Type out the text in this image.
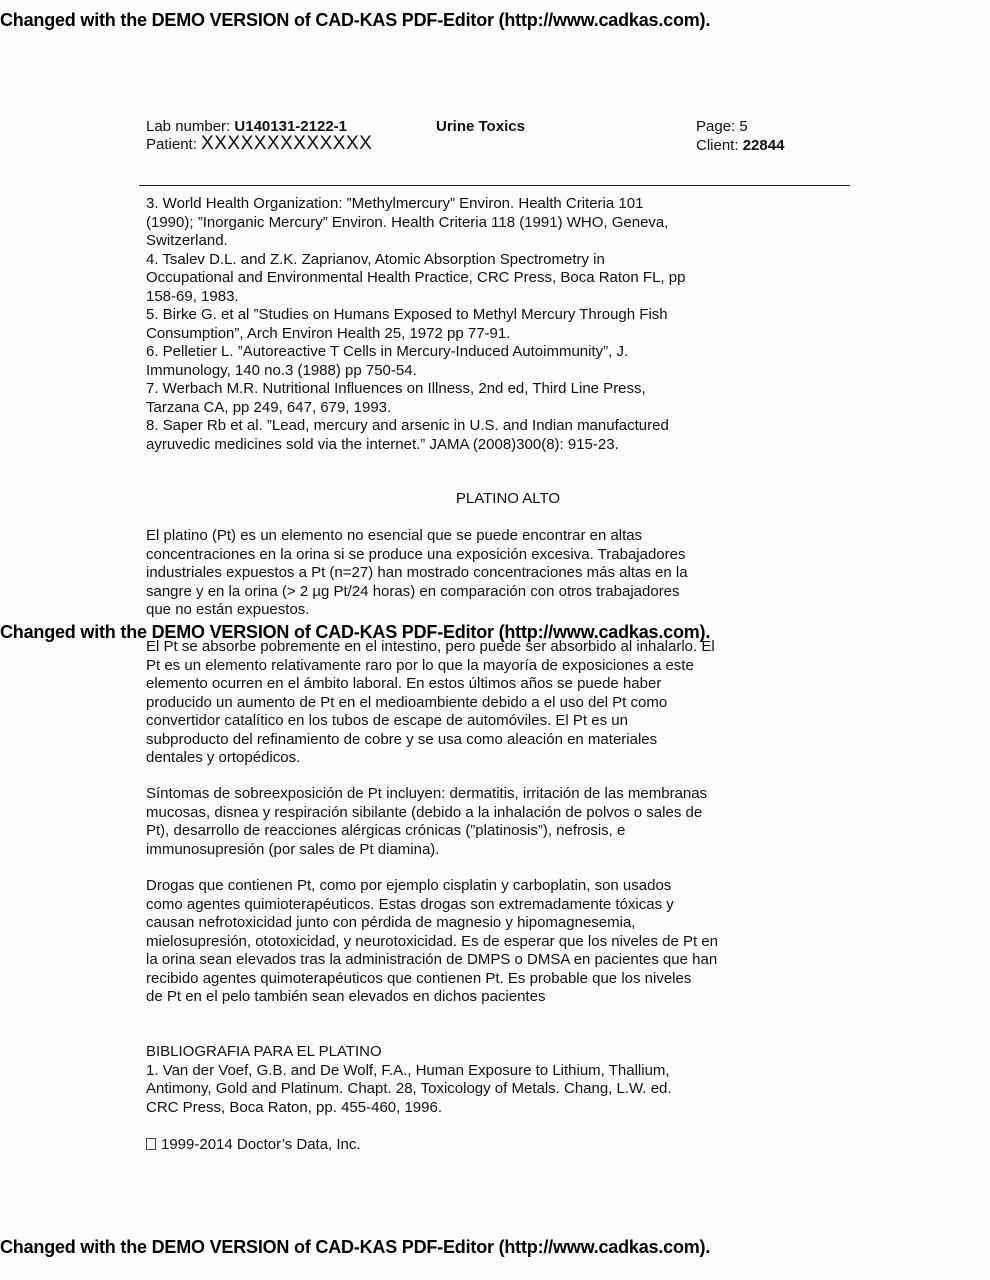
Changed with the DEMO VERSION of CAD-KAS PDF-Editor (http://www.cadkas.com).
Changed with the DEMO VERSION of CAD-KAS PDF-Editor (http://www.cadkas.com).
Changed with the DEMO VERSION of CAD-KAS PDF-Editor (http://www.cadkas.com).
Lab number: U140131-2122-1
Patient: XXXXXXXXXXXXX
Urine Toxics	Page: 5
Client: 22844
3. World Health Organization: ”Methylmercury” Environ. Health Criteria 101
(1990); ”Inorganic Mercury” Environ. Health Criteria 118 (1991) WHO, Geneva,
Switzerland.
4. Tsalev D.L. and Z.K. Zaprianov, Atomic Absorption Spectrometry in
Occupational and Environmental Health Practice, CRC Press, Boca Raton FL, pp
158-69, 1983.
5. Birke G. et al ”Studies on Humans Exposed to Methyl Mercury Through Fish
Consumption”, Arch Environ Health 25, 1972 pp 77-91.
6. Pelletier L. ”Autoreactive T Cells in Mercury-Induced Autoimmunity”, J.
Immunology, 140 no.3 (1988) pp 750-54.
7. Werbach M.R. Nutritional Influences on Illness, 2nd ed, Third Line Press,
Tarzana CA, pp 249, 647, 679, 1993.
8. Saper Rb et al. ”Lead, mercury and arsenic in U.S. and Indian manufactured
ayruvedic medicines sold via the internet.” JAMA (2008)300(8): 915-23.
PLATINO ALTO
El platino (Pt) es un elemento no esencial que se puede encontrar en altas
concentraciones en la orina si se produce una exposición excesiva. Trabajadores
industriales expuestos a Pt (n=27) han mostrado concentraciones más altas en la
sangre y en la orina (> 2 µg Pt/24 horas) en comparación con otros trabajadores
que no están expuestos.
El Pt se absorbe pobremente en el intestino, pero puede ser absorbido al inhalarlo. El
Pt es un elemento relativamente raro por lo que la mayoría de exposiciones a este
elemento ocurren en el ámbito laboral. En estos últimos años se puede haber
producido un aumento de Pt en el medioambiente debido a el uso del Pt como
convertidor catalítico en los tubos de escape de automóviles. El Pt es un
subproducto del refinamiento de cobre y se usa como aleación en materiales
dentales y ortopédicos.
Síntomas de sobreexposición de Pt incluyen: dermatitis, irritación de las membranas
mucosas, disnea y respiración sibilante (debido a la inhalación de polvos o sales de
Pt), desarrollo de reacciones alérgicas crónicas (”platinosis”), nefrosis, e
immunosupresión (por sales de Pt diamina).
Drogas que contienen Pt, como por ejemplo cisplatin y carboplatin, son usados
como agentes quimioterapéuticos. Estas drogas son extremadamente tóxicas y
causan nefrotoxicidad junto con pérdida de magnesio y hipomagnesemia,
mielosupresión, ototoxicidad, y neurotoxicidad. Es de esperar que los niveles de Pt en
la orina sean elevados tras la administración de DMPS o DMSA en pacientes que han
recibido agentes quimoterapéuticos que contienen Pt. Es probable que los niveles
de Pt en el pelo también sean elevados en dichos pacientes
BIBLIOGRAFIA PARA EL PLATINO
1. Van der Voef, G.B. and De Wolf, F.A., Human Exposure to Lithium, Thallium,
Antimony, Gold and Platinum. Chapt. 28, Toxicology of Metals. Chang, L.W. ed.
CRC Press, Boca Raton, pp. 455-460, 1996.
1999-2014 Doctor’s Data, Inc.
